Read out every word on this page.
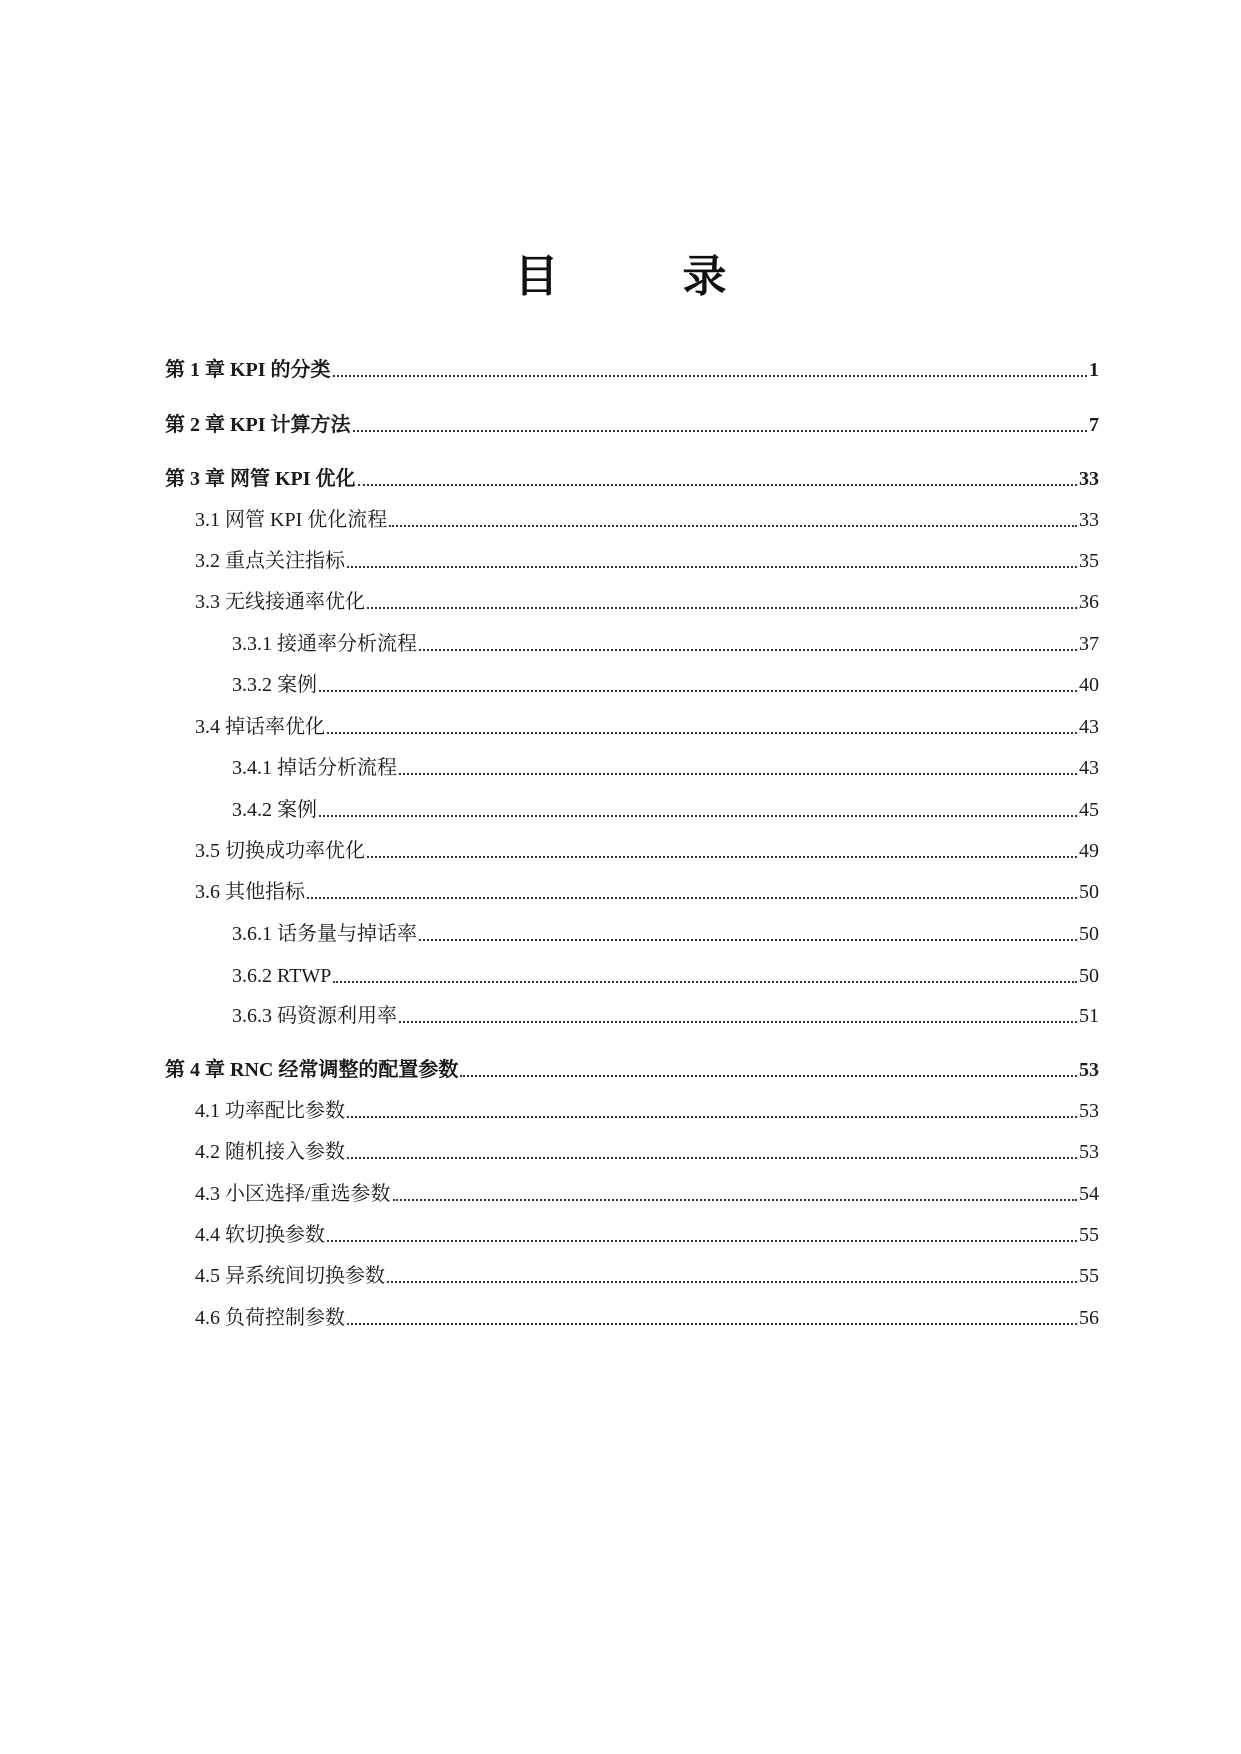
目　录
第 1 章 KPI 的分类	1
第 2 章 KPI 计算方法	7
第 3 章 网管 KPI 优化	33
3.1 网管 KPI 优化流程	33
3.2 重点关注指标	35
3.3 无线接通率优化	36
3.3.1 接通率分析流程	37
3.3.2 案例	40
3.4 掉话率优化	43
3.4.1 掉话分析流程	43
3.4.2 案例	45
3.5 切换成功率优化	49
3.6 其他指标	50
3.6.1 话务量与掉话率	50
3.6.2 RTWP	50
3.6.3 码资源利用率	51
第 4 章 RNC 经常调整的配置参数	53
4.1 功率配比参数	53
4.2 随机接入参数	53
4.3 小区选择/重选参数	54
4.4 软切换参数	55
4.5 异系统间切换参数	55
4.6 负荷控制参数	56
